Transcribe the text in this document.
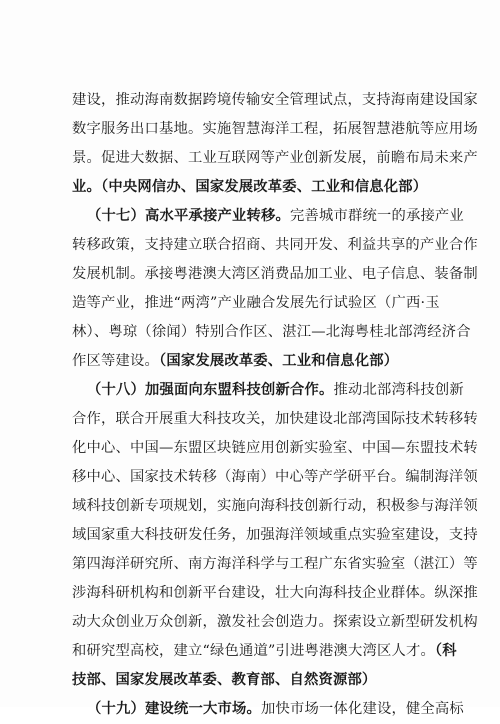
建设，推动海南数据跨境传输安全管理试点，支持海南建设国家
数字服务出口基地。实施智慧海洋工程，拓展智慧港航等应用场
景。促进大数据、工业互联网等产业创新发展，前瞻布局未来产
业。（中央网信办、国家发展改革委、工业和信息化部）
（十七）高水平承接产业转移。完善城市群统一的承接产业
转移政策，支持建立联合招商、共同开发、利益共享的产业合作
发展机制。承接粤港澳大湾区消费品加工业、电子信息、装备制
造等产业，推进“两湾”产业融合发展先行试验区（广西·玉
林）、粤琼（徐闻）特别合作区、湛江—北海粤桂北部湾经济合
作区等建设。（国家发展改革委、工业和信息化部）
（十八）加强面向东盟科技创新合作。推动北部湾科技创新
合作，联合开展重大科技攻关，加快建设北部湾国际技术转移转
化中心、中国—东盟区块链应用创新实验室、中国—东盟技术转
移中心、国家技术转移（海南）中心等产学研平台。编制海洋领
域科技创新专项规划，实施向海科技创新行动，积极参与海洋领
域国家重大科技研发任务，加强海洋领域重点实验室建设，支持
第四海洋研究所、南方海洋科学与工程广东省实验室（湛江）等
涉海科研机构和创新平台建设，壮大向海科技企业群体。纵深推
动大众创业万众创新，激发社会创造力。探索设立新型研发机构
和研究型高校，建立“绿色通道”引进粤港澳大湾区人才。（科
技部、国家发展改革委、教育部、自然资源部）
（十九）建设统一大市场。加快市场一体化建设，健全高标
